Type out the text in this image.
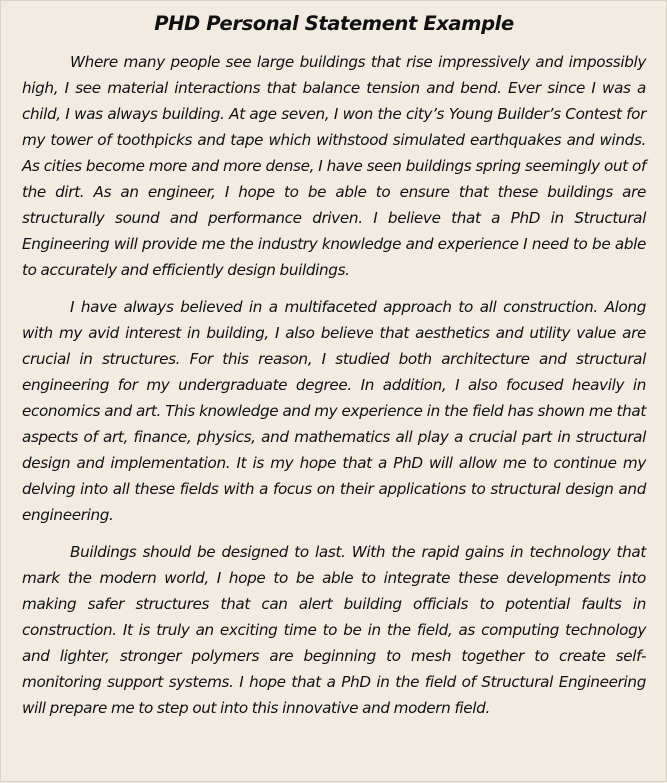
PHD Personal Statement Example

Where many people see large buildings that rise impressively and impossibly high, I see material interactions that balance tension and bend. Ever since I was a child, I was always building. At age seven, I won the city’s Young Builder’s Contest for my tower of toothpicks and tape which withstood simulated earthquakes and winds. As cities become more and more dense, I have seen buildings spring seemingly out of the dirt. As an engineer, I hope to be able to ensure that these buildings are structurally sound and performance driven. I believe that a PhD in Structural Engineering will provide me the industry knowledge and experience I need to be able to accurately and efficiently design buildings.

I have always believed in a multifaceted approach to all construction. Along with my avid interest in building, I also believe that aesthetics and utility value are crucial in structures. For this reason, I studied both architecture and structural engineering for my undergraduate degree. In addition, I also focused heavily in economics and art. This knowledge and my experience in the field has shown me that aspects of art, finance, physics, and mathematics all play a crucial part in structural design and implementation. It is my hope that a PhD will allow me to continue my delving into all these fields with a focus on their applications to structural design and engineering.

Buildings should be designed to last. With the rapid gains in technology that mark the modern world, I hope to be able to integrate these developments into making safer structures that can alert building officials to potential faults in construction. It is truly an exciting time to be in the field, as computing technology and lighter, stronger polymers are beginning to mesh together to create self-monitoring support systems. I hope that a PhD in the field of Structural Engineering will prepare me to step out into this innovative and modern field.
